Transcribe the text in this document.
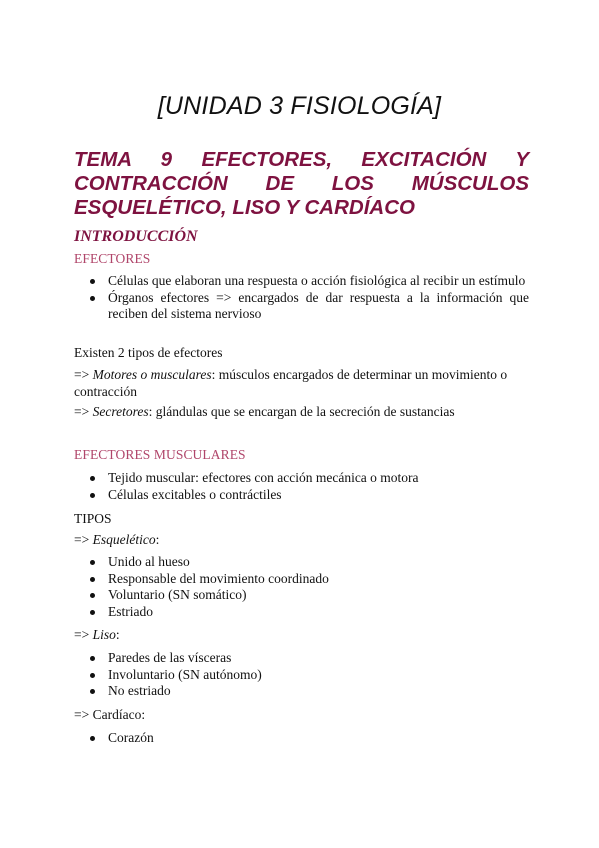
[UNIDAD 3 FISIOLOGÍA]
TEMA 9 EFECTORES, EXCITACIÓN Y CONTRACCIÓN DE LOS MÚSCULOS ESQUELÉTICO, LISO Y CARDÍACO
INTRODUCCIÓN
EFECTORES
Células que elaboran una respuesta o acción fisiológica al recibir un estímulo
Órganos efectores => encargados de dar respuesta a la información que reciben del sistema nervioso
Existen 2 tipos de efectores
=> Motores o musculares: músculos encargados de determinar un movimiento o contracción
=> Secretores: glándulas que se encargan de la secreción de sustancias
EFECTORES MUSCULARES
Tejido muscular: efectores con acción mecánica o motora
Células excitables o contráctiles
TIPOS
=> Esquelético:
Unido al hueso
Responsable del movimiento coordinado
Voluntario (SN somático)
Estriado
=> Liso:
Paredes de las vísceras
Involuntario (SN autónomo)
No estriado
=> Cardíaco:
Corazón
